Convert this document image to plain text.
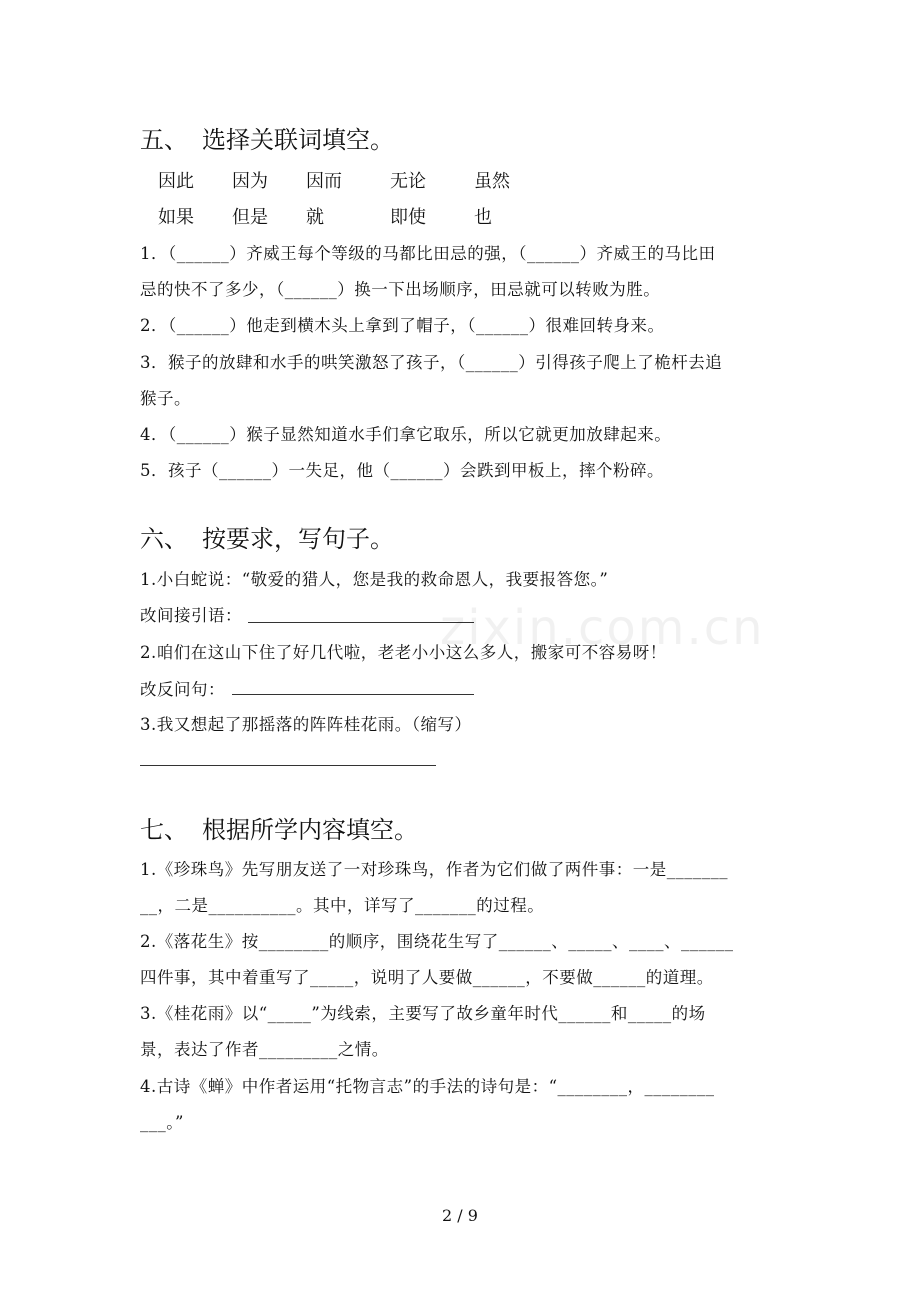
五、 选择关联词填空。
因此 因为 因而	无论	虽然
如果 但是 就	即使	也
1．（______）齐威王每个等级的马都比田忌的强，（______）齐威王的马比田
忌的快不了多少，（______）换一下出场顺序，田忌就可以转败为胜。
2．（______）他走到横木头上拿到了帽子，（______）很难回转身来。
3．猴子的放肆和水手的哄笑激怒了孩子，（______）引得孩子爬上了桅杆去追
猴子。
4．（______）猴子显然知道水手们拿它取乐，所以它就更加放肆起来。
5．孩子（______）一失足，他（______）会跌到甲板上，摔个粉碎。
六、 按要求，写句子。
1.小白蛇说：“敬爱的猎人，您是我的救命恩人，我要报答您。”
改间接引语：
2.咱们在这山下住了好几代啦，老老小小这么多人，搬家可不容易呀！
改反问句：
3.我又想起了那摇落的阵阵桂花雨。（缩写）
七、 根据所学内容填空。
1.《珍珠鸟》先写朋友送了一对珍珠鸟，作者为它们做了两件事：一是_______
__，二是__________。其中，详写了_______的过程。
2.《落花生》按________的顺序，围绕花生写了______、_____、____、______
四件事，其中着重写了_____，说明了人要做______，不要做______的道理。
3.《桂花雨》以“_____”为线索，主要写了故乡童年时代______和_____的场
景，表达了作者_________之情。
4.古诗《蝉》中作者运用“托物言志”的手法的诗句是：“________，________
___。”
zixin.com.cn
2 / 9
